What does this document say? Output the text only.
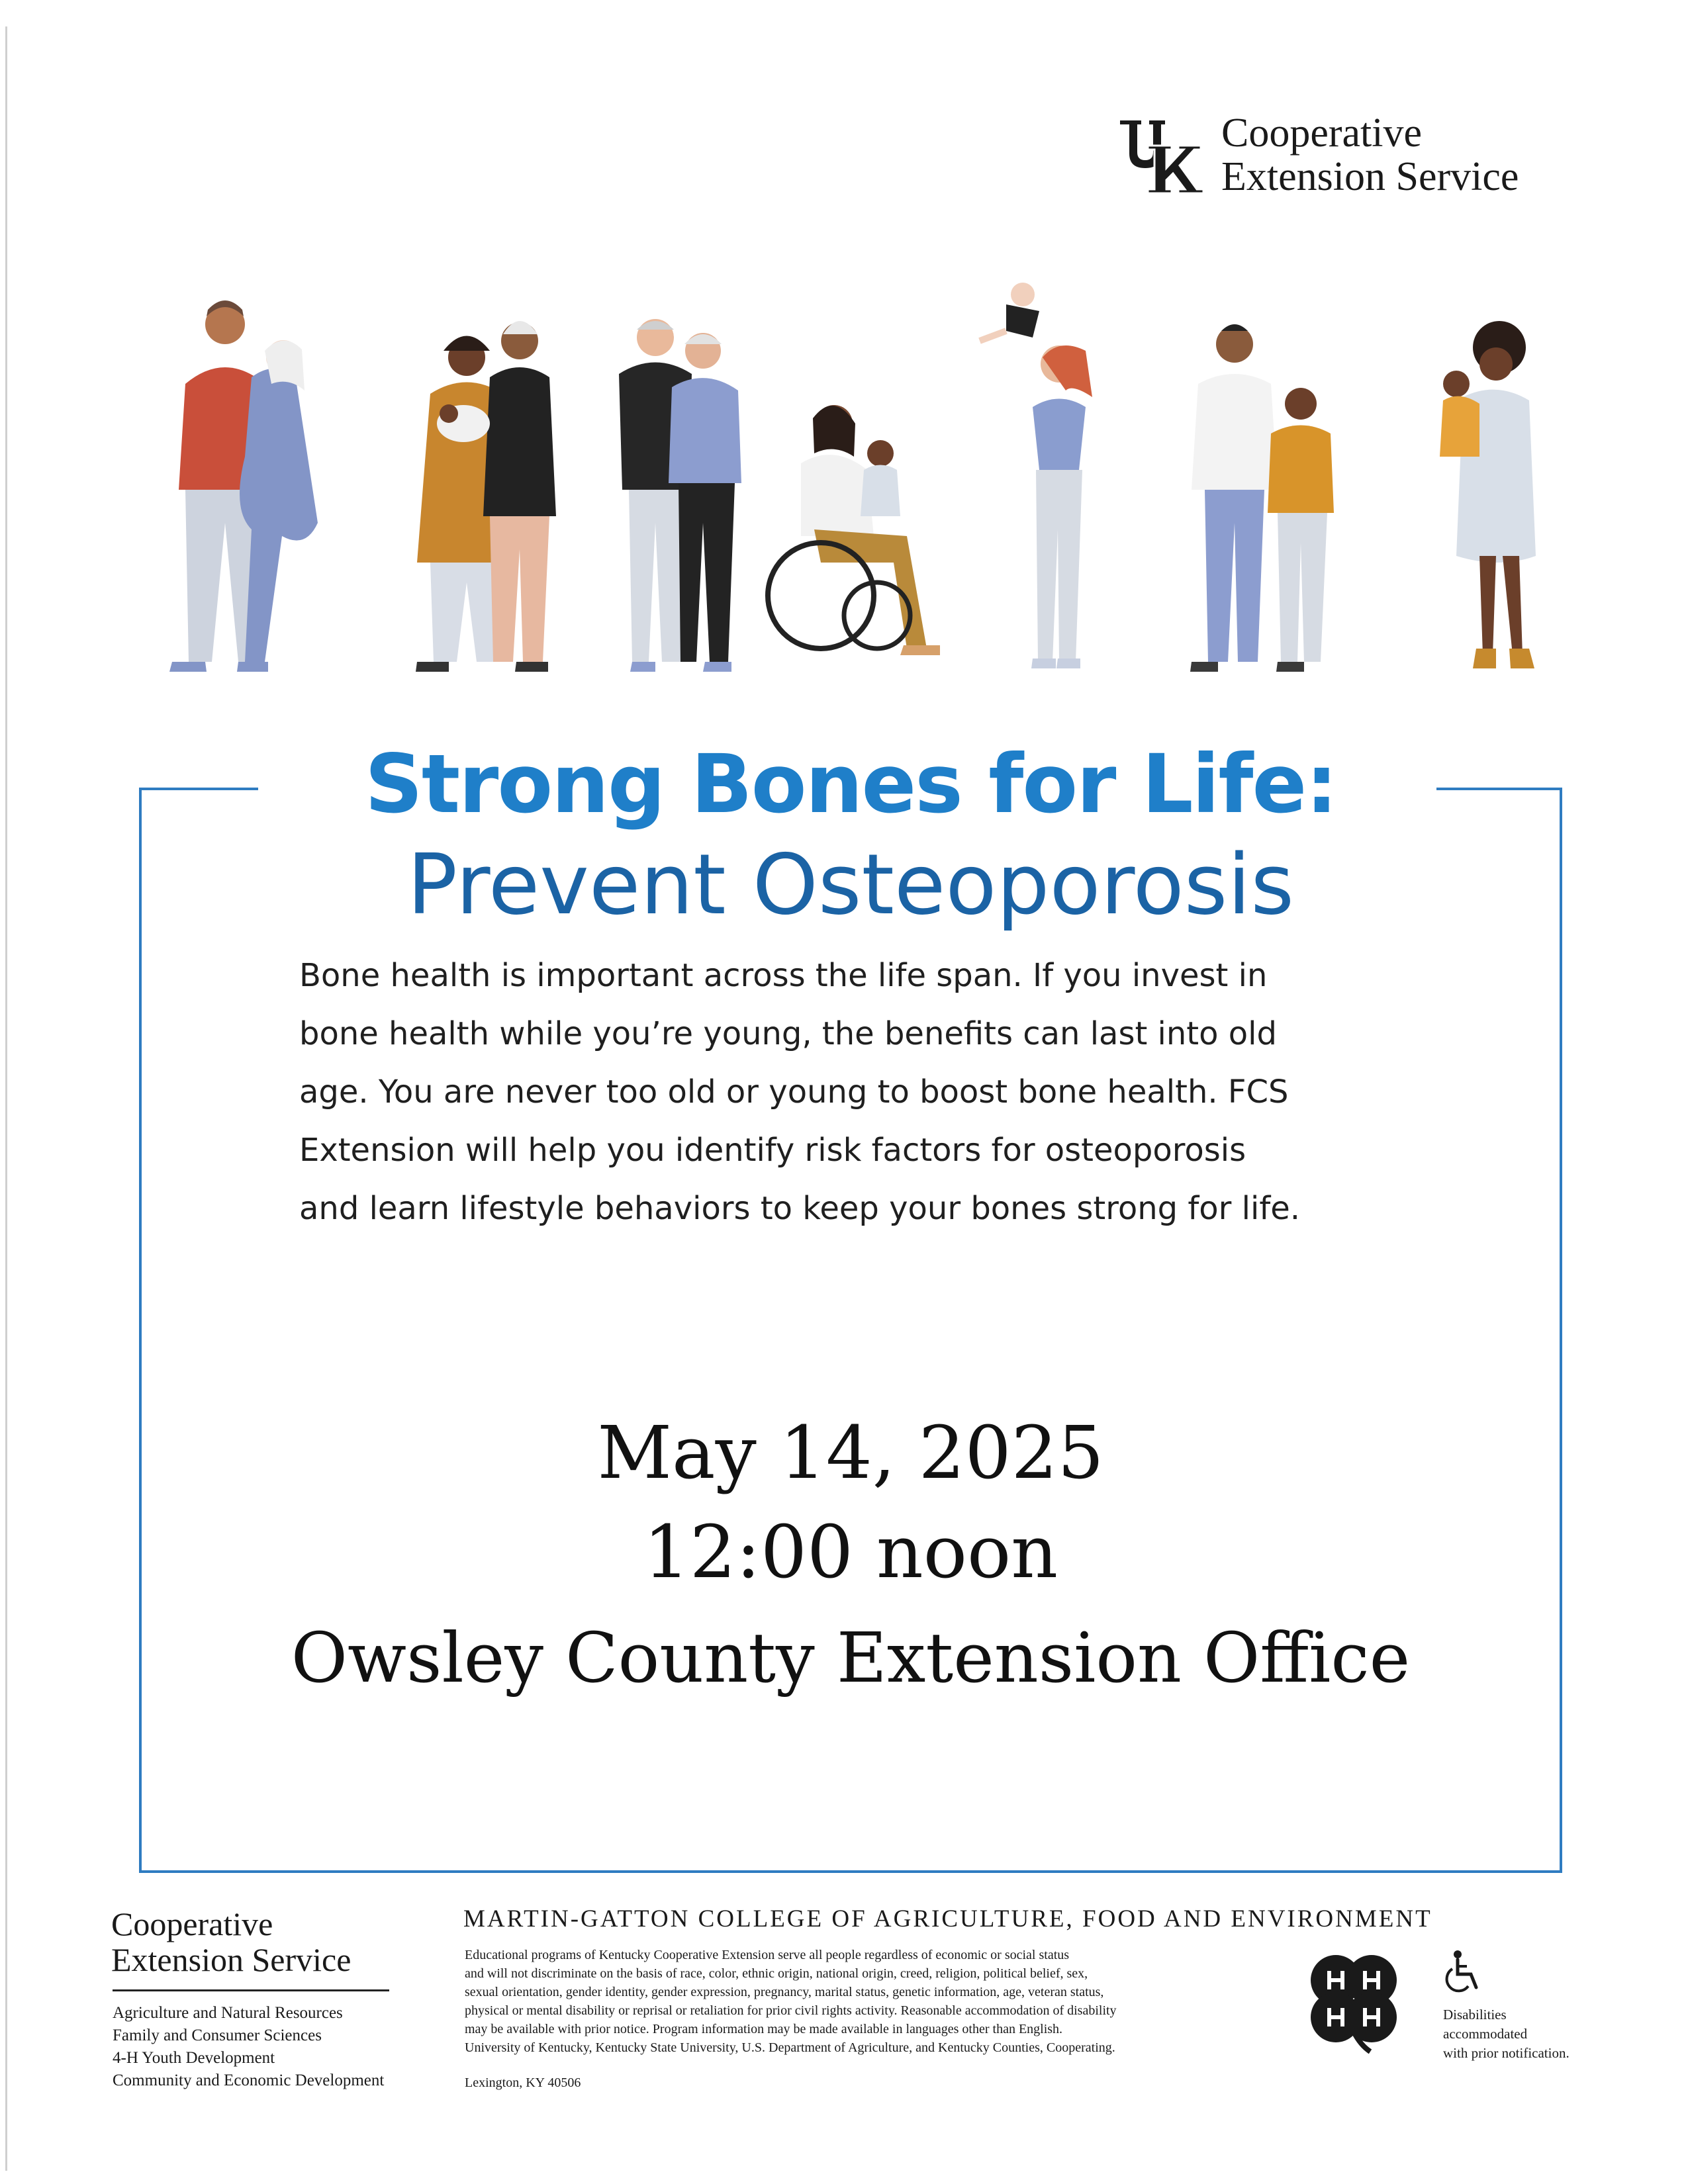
Cooperative
Extension Service
Strong Bones for Life:
Prevent Osteoporosis
Bone health is important across the life span. If you invest in
bone health while you’re young, the benefits can last into old
age. You are never too old or young to boost bone health. FCS
Extension will help you identify risk factors for osteoporosis
and learn lifestyle behaviors to keep your bones strong for life.
May 14, 2025
12:00 noon
Owsley County Extension Office
Cooperative
Extension Service
Agriculture and Natural Resources
Family and Consumer Sciences
4-H Youth Development
Community and Economic Development
MARTIN-GATTON COLLEGE OF AGRICULTURE, FOOD AND ENVIRONMENT
Educational programs of Kentucky Cooperative Extension serve all people regardless of economic or social status
and will not discriminate on the basis of race, color, ethnic origin, national origin, creed, religion, political belief, sex,
sexual orientation, gender identity, gender expression, pregnancy, marital status, genetic information, age, veteran status,
physical or mental disability or reprisal or retaliation for prior civil rights activity. Reasonable accommodation of disability
may be available with prior notice. Program information may be made available in languages other than English.
University of Kentucky, Kentucky State University, U.S. Department of Agriculture, and Kentucky Counties, Cooperating.
Lexington, KY 40506
Disabilities
accommodated
with prior notification.
